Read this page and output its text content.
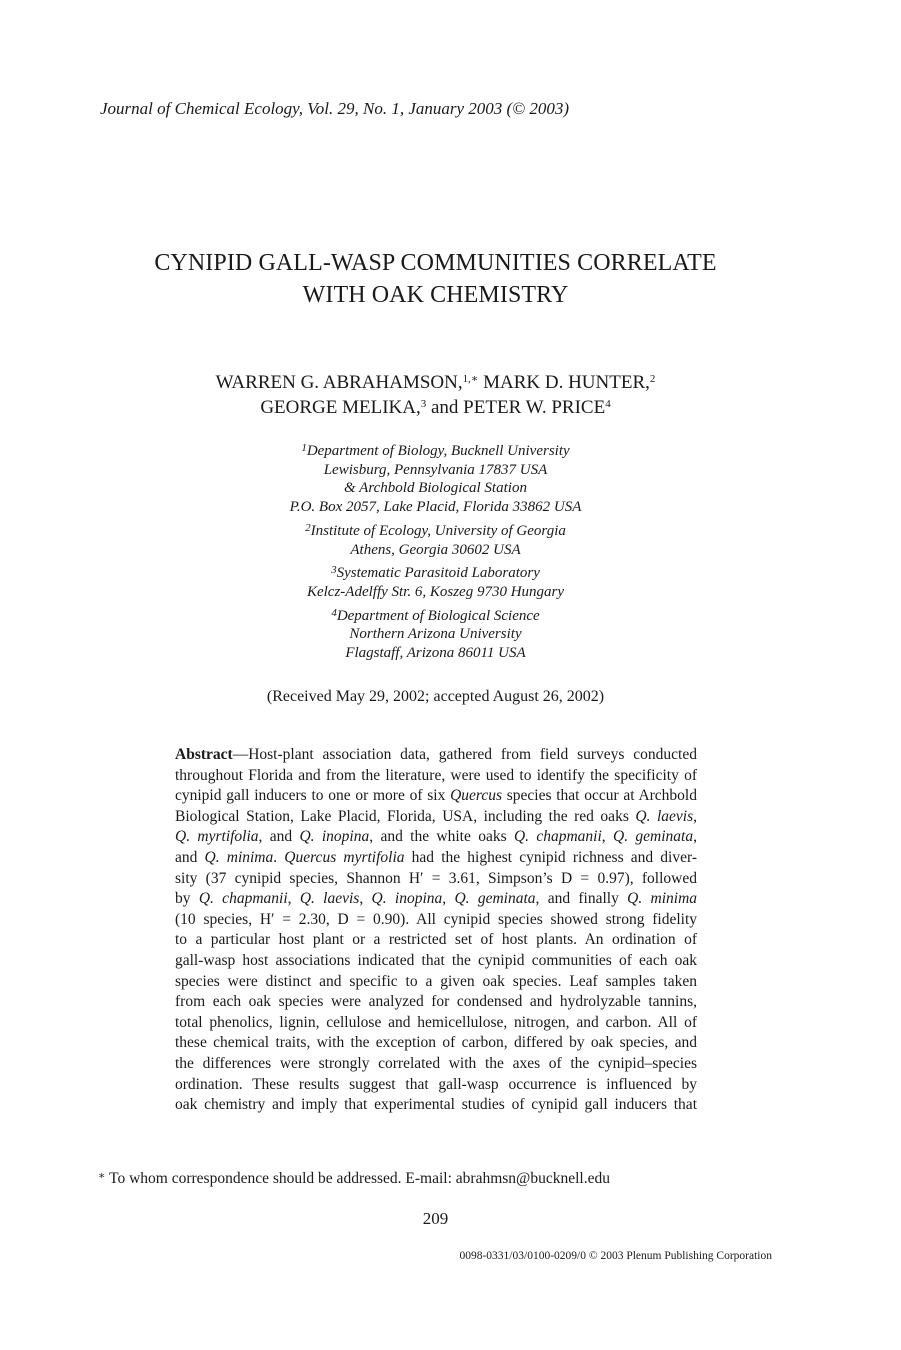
Journal of Chemical Ecology, Vol. 29, No. 1, January 2003 (© 2003)
CYNIPID GALL-WASP COMMUNITIES CORRELATE
WITH OAK CHEMISTRY
WARREN G. ABRAHAMSON,$^{1,∗}$ MARK D. HUNTER,$^2$
GEORGE MELIKA,$^3$ and PETER W. PRICE$^4$
$^1$Department of Biology, Bucknell University
Lewisburg, Pennsylvania 17837 USA
& Archbold Biological Station
P.O. Box 2057, Lake Placid, Florida 33862 USA
$^2$Institute of Ecology, University of Georgia
Athens, Georgia 30602 USA
$^3$Systematic Parasitoid Laboratory
Kelcz-Adelffy Str. 6, Koszeg 9730 Hungary
$^4$Department of Biological Science
Northern Arizona University
Flagstaff, Arizona 86011 USA
(Received May 29, 2002; accepted August 26, 2002)
Abstract—Host-plant association data, gathered from field surveys conducted
throughout Florida and from the literature, were used to identify the specificity of
cynipid gall inducers to one or more of six Quercus species that occur at Archbold
Biological Station, Lake Placid, Florida, USA, including the red oaks Q. laevis,
Q. myrtifolia, and Q. inopina, and the white oaks Q. chapmanii, Q. geminata,
and Q. minima. Quercus myrtifolia had the highest cynipid richness and diver-
sity (37 cynipid species, Shannon H′ = 3.61, Simpson’s D = 0.97), followed
by Q. chapmanii, Q. laevis, Q. inopina, Q. geminata, and finally Q. minima
(10 species, H′ = 2.30, D = 0.90). All cynipid species showed strong fidelity
to a particular host plant or a restricted set of host plants. An ordination of
gall-wasp host associations indicated that the cynipid communities of each oak
species were distinct and specific to a given oak species. Leaf samples taken
from each oak species were analyzed for condensed and hydrolyzable tannins,
total phenolics, lignin, cellulose and hemicellulose, nitrogen, and carbon. All of
these chemical traits, with the exception of carbon, differed by oak species, and
the differences were strongly correlated with the axes of the cynipid–species
ordination. These results suggest that gall-wasp occurrence is influenced by
oak chemistry and imply that experimental studies of cynipid gall inducers that
∗ To whom correspondence should be addressed. E-mail: abrahmsn@bucknell.edu
209
0098-0331/03/0100-0209/0 © 2003 Plenum Publishing Corporation
